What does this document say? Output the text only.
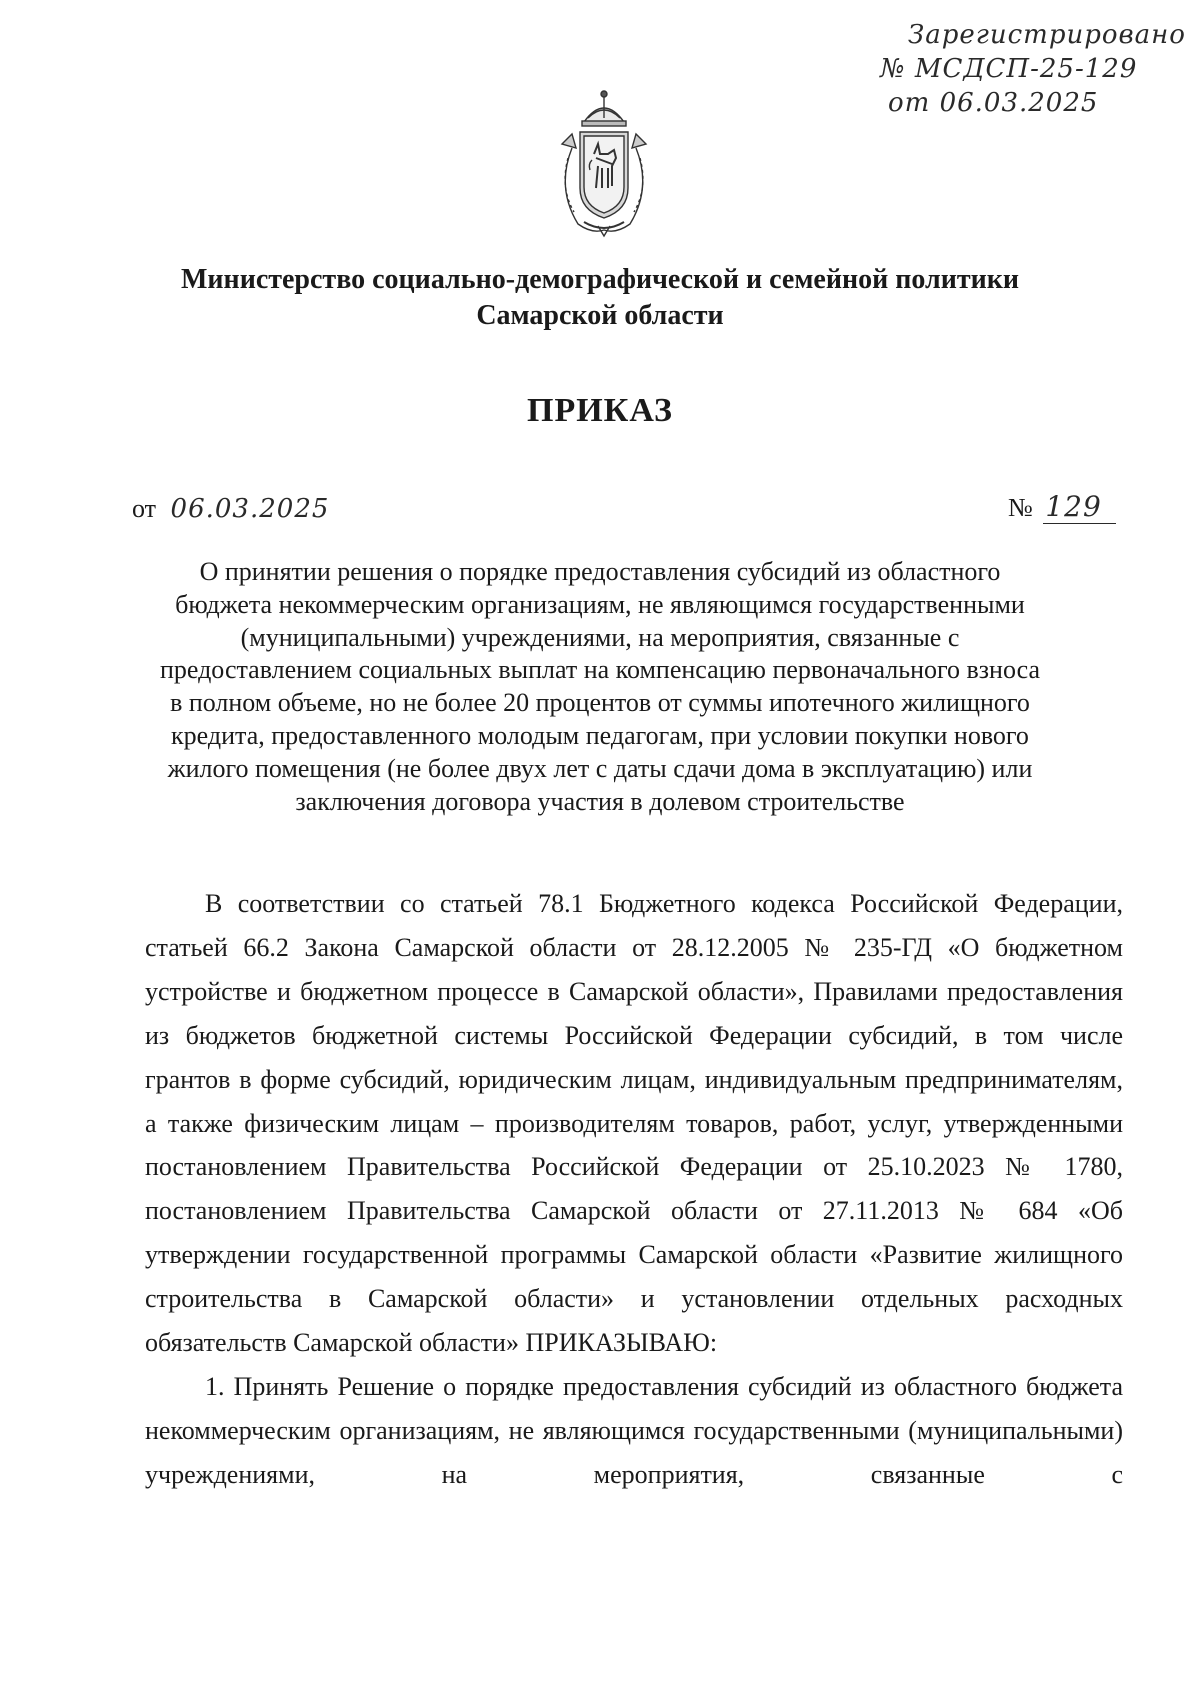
Зарегистрировано
№ МСДСП-25-129
от 06.03.2025
Министерство социально-демографической и семейной политики
Самарской области
ПРИКАЗ
от 06.03.2025	№ 129
О принятии решения о порядке предоставления субсидий из областного
бюджета некоммерческим организациям, не являющимся государственными
(муниципальными) учреждениями, на мероприятия, связанные с
предоставлением социальных выплат на компенсацию первоначального взноса
в полном объеме, но не более 20 процентов от суммы ипотечного жилищного
кредита, предоставленного молодым педагогам, при условии покупки нового
жилого помещения (не более двух лет с даты сдачи дома в эксплуатацию) или
заключения договора участия в долевом строительстве

В соответствии со статьей 78.1 Бюджетного кодекса Российской Федерации, статьей 66.2 Закона Самарской области от 28.12.2005 № 235-ГД «О бюджетном устройстве и бюджетном процессе в Самарской области», Правилами предоставления из бюджетов бюджетной системы Российской Федерации субсидий, в том числе грантов в форме субсидий, юридическим лицам, индивидуальным предпринимателям, а также физическим лицам – производителям товаров, работ, услуг, утвержденными постановлением Правительства Российской Федерации от 25.10.2023 № 1780, постановлением Правительства Самарской области от 27.11.2013 № 684 «Об утверждении государственной программы Самарской области «Развитие жилищного строительства в Самарской области» и установлении отдельных расходных обязательств Самарской области» ПРИКАЗЫВАЮ:

1. Принять Решение о порядке предоставления субсидий из областного бюджета некоммерческим организациям, не являющимся государственными (муниципальными) учреждениями, на мероприятия, связанные с
